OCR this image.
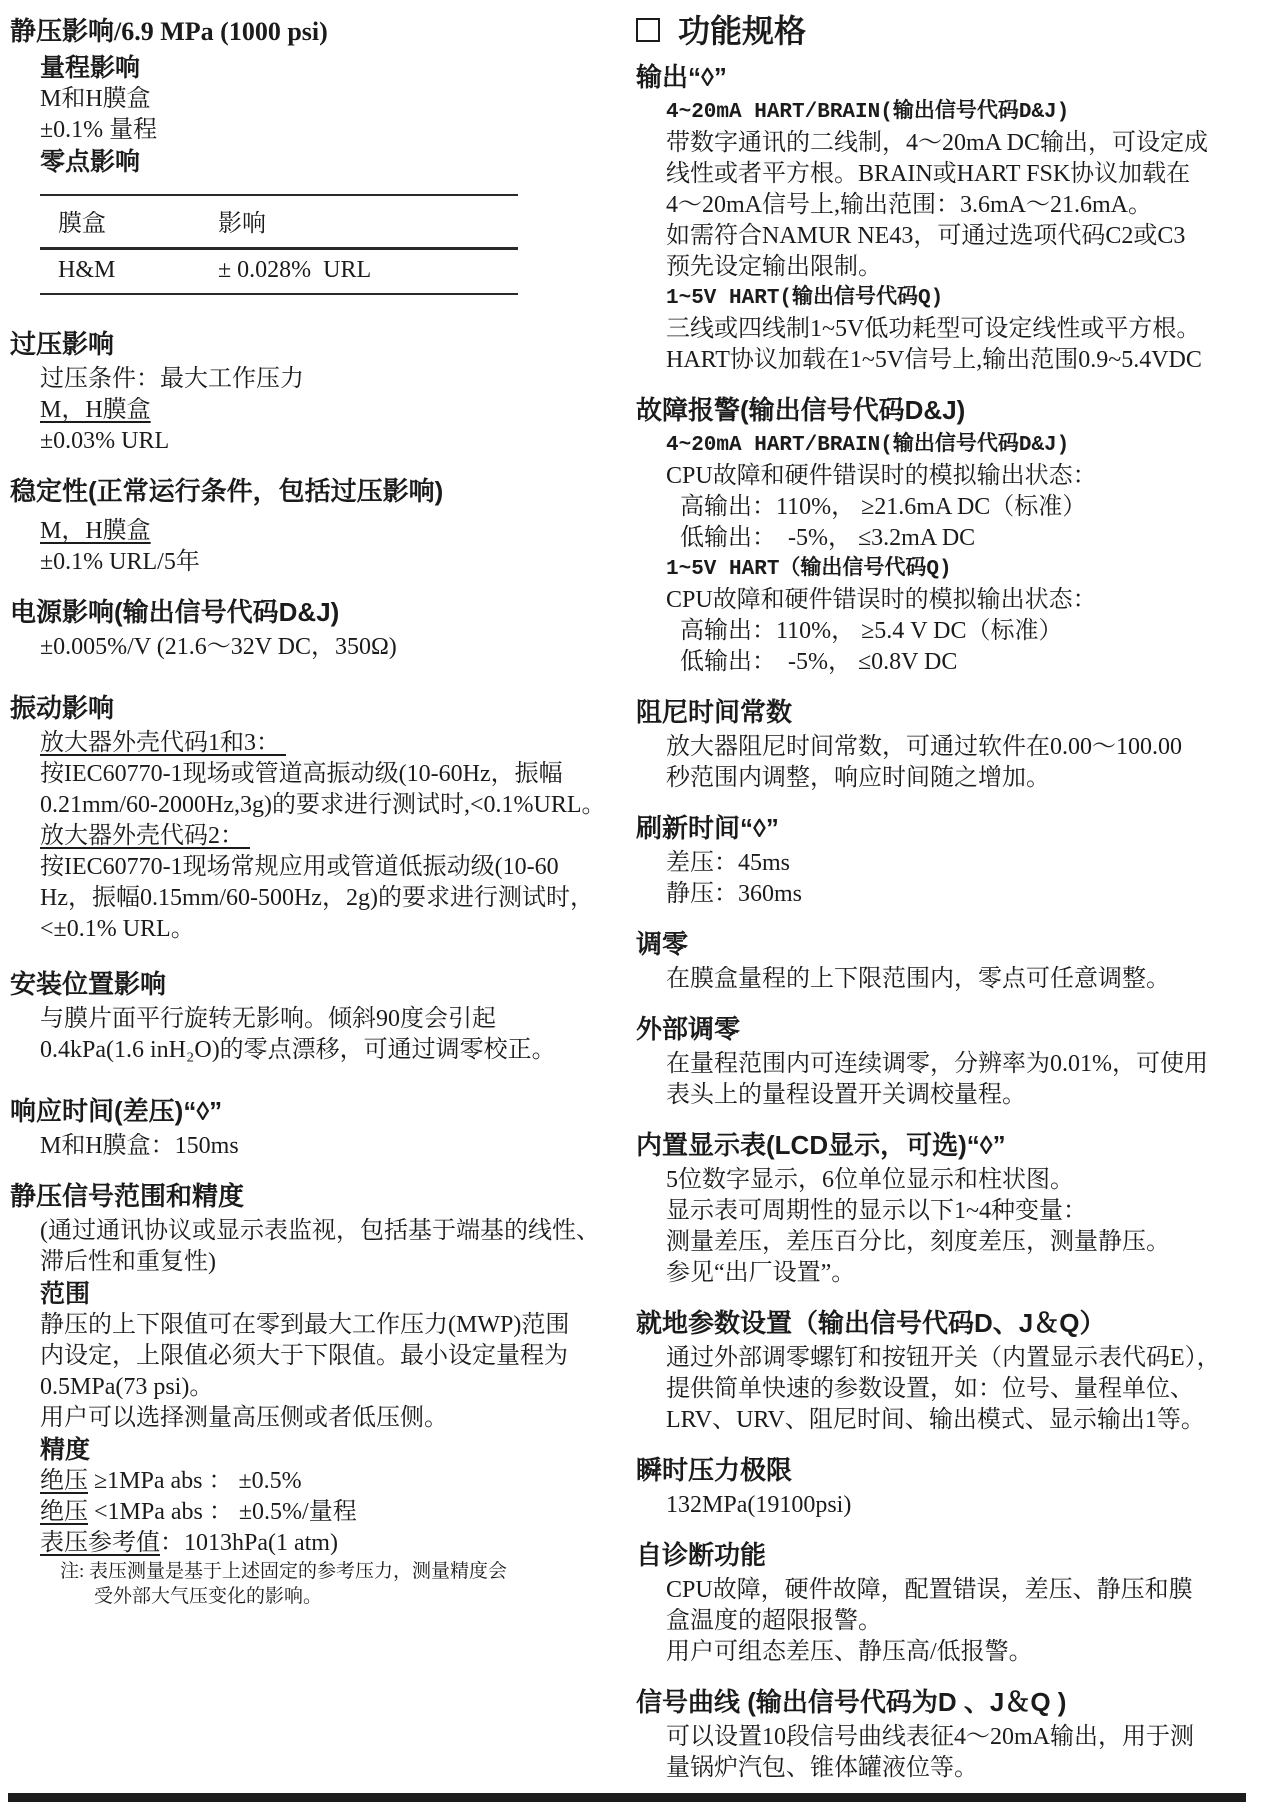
静压影响/6.9 MPa (1000 psi)
量程影响
M和H膜盒
±0.1% 量程
零点影响
膜盒	影响
H&M	± 0.028%  URL
过压影响
过压条件：最大工作压力
M，H膜盒
±0.03% URL
稳定性(正常运行条件，包括过压影响)
M，H膜盒
±0.1% URL/5年
电源影响(输出信号代码D&J)
±0.005%/V (21.6～32V DC，350Ω)
振动影响
放大器外壳代码1和3：
按IEC60770-1现场或管道高振动级(10-60Hz，振幅
0.21mm/60-2000Hz,3g)的要求进行测试时,<0.1%URL。
放大器外壳代码2：
按IEC60770-1现场常规应用或管道低振动级(10-60
Hz，振幅0.15mm/60-500Hz，2g)的要求进行测试时，
<±0.1% URL。
安装位置影响
与膜片面平行旋转无影响。倾斜90度会引起
0.4kPa(1.6 inH₂O)的零点漂移，可通过调零校正。
响应时间(差压)“◊”
M和H膜盒：150ms
静压信号范围和精度
(通过通讯协议或显示表监视，包括基于端基的线性、
滞后性和重复性)
范围
静压的上下限值可在零到最大工作压力(MWP)范围
内设定，上限值必须大于下限值。最小设定量程为
0.5MPa(73 psi)。
用户可以选择测量高压侧或者低压侧。
精度
绝压 ≥1MPa abs ： ±0.5%
绝压 <1MPa abs ： ±0.5%/量程
表压参考值：1013hPa(1 atm)
注: 表压测量是基于上述固定的参考压力，测量精度会
受外部大气压变化的影响。
功能规格
输出“◊”
4~20mA HART/BRAIN(输出信号代码D&J)
带数字通讯的二线制，4～20mA DC输出，可设定成
线性或者平方根。BRAIN或HART FSK协议加载在
4～20mA信号上,输出范围：3.6mA～21.6mA。
如需符合NAMUR NE43，可通过选项代码C2或C3
预先设定输出限制。
1~5V HART(输出信号代码Q)
三线或四线制1~5V低功耗型可设定线性或平方根。
HART协议加载在1~5V信号上,输出范围0.9~5.4VDC
故障报警(输出信号代码D&J)
4~20mA HART/BRAIN(输出信号代码D&J)
CPU故障和硬件错误时的模拟输出状态：
高输出：110%， ≥21.6mA DC（标准）
低输出：  -5%， ≤3.2mA DC
1~5V HART（输出信号代码Q)
CPU故障和硬件错误时的模拟输出状态：
高输出：110%， ≥5.4 V DC（标准）
低输出：  -5%， ≤0.8V DC
阻尼时间常数
放大器阻尼时间常数，可通过软件在0.00～100.00
秒范围内调整，响应时间随之增加。
刷新时间“◊”
差压：45ms
静压：360ms
调零
在膜盒量程的上下限范围内，零点可任意调整。
外部调零
在量程范围内可连续调零，分辨率为0.01%，可使用
表头上的量程设置开关调校量程。
内置显示表(LCD显示，可选)“◊”
5位数字显示，6位单位显示和柱状图。
显示表可周期性的显示以下1~4种变量：
测量差压，差压百分比，刻度差压，测量静压。
参见“出厂设置”。
就地参数设置（输出信号代码D、J＆Q）
通过外部调零螺钉和按钮开关（内置显示表代码E），
提供简单快速的参数设置，如：位号、量程单位、
LRV、URV、阻尼时间、输出模式、显示输出1等。
瞬时压力极限
132MPa(19100psi)
自诊断功能
CPU故障，硬件故障，配置错误，差压、静压和膜
盒温度的超限报警。
用户可组态差压、静压高/低报警。
信号曲线 (输出信号代码为D 、J＆Q )
可以设置10段信号曲线表征4～20mA输出，用于测
量锅炉汽包、锥体罐液位等。
